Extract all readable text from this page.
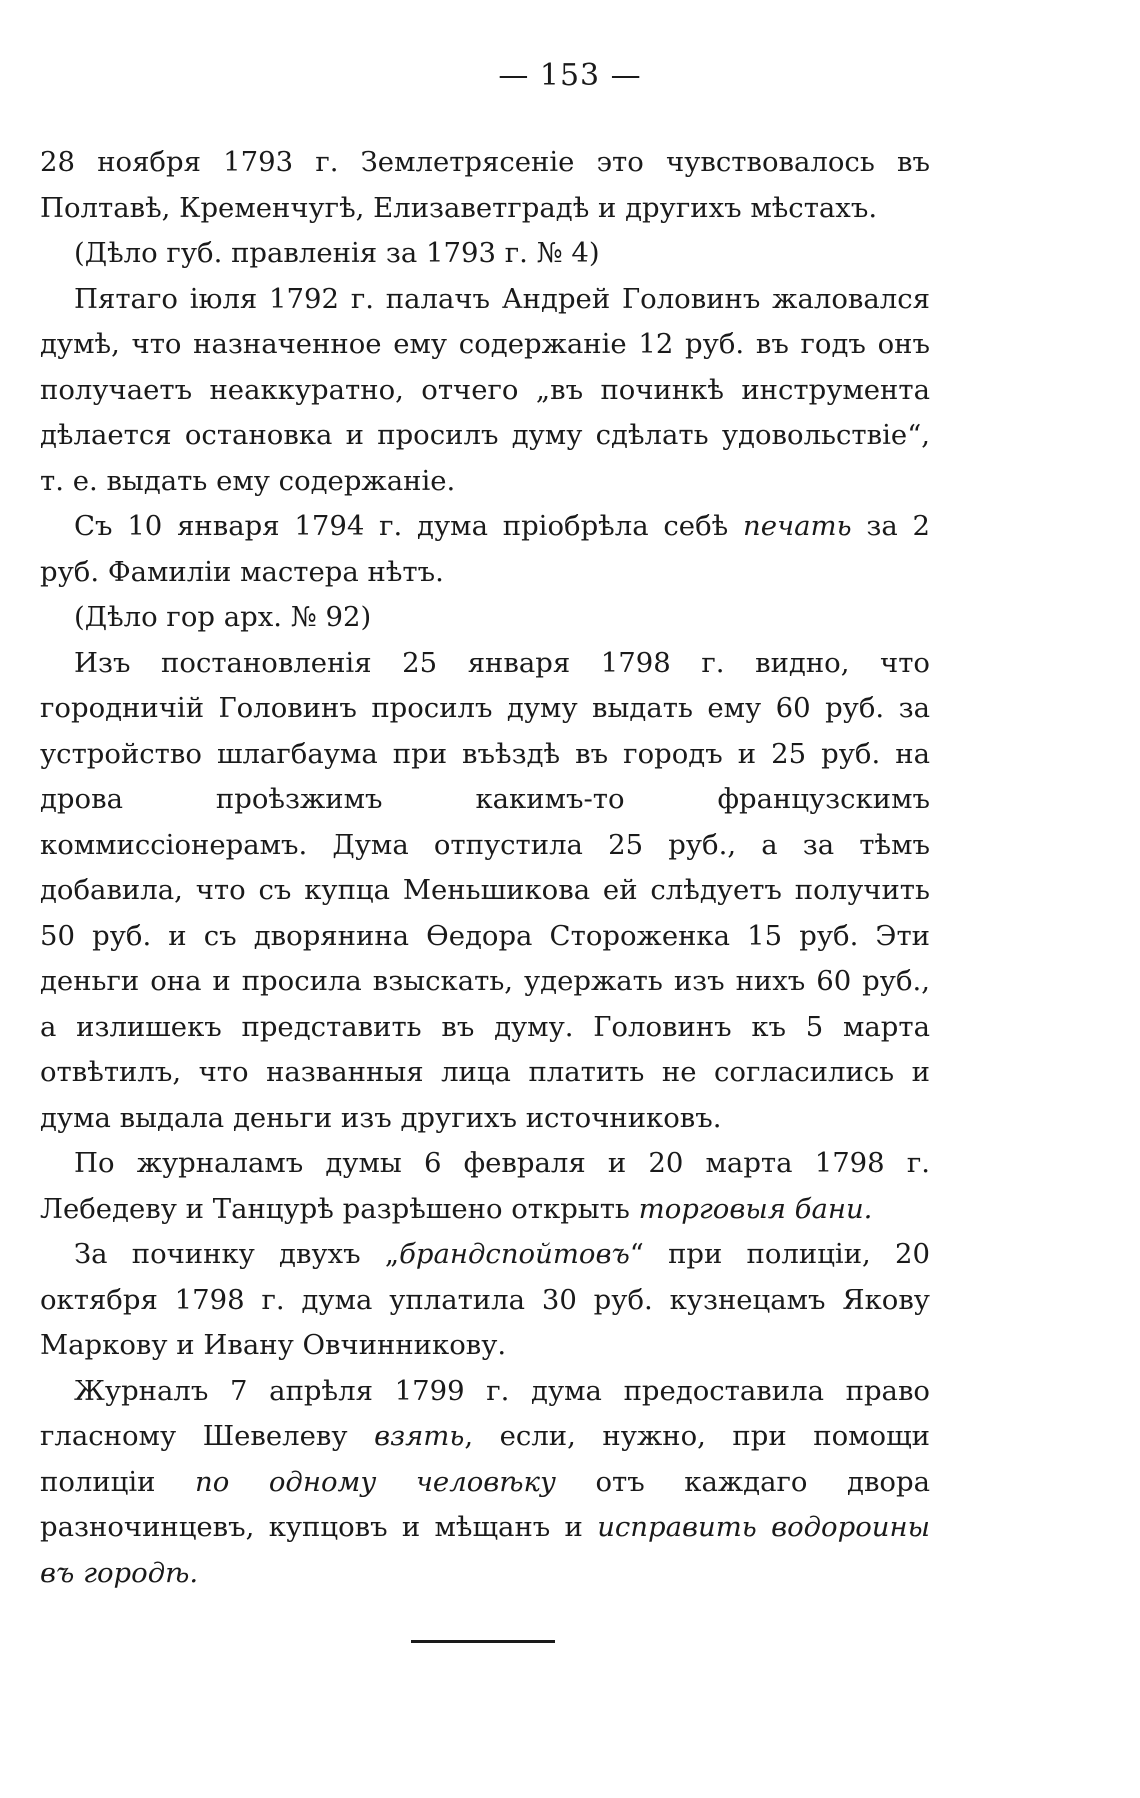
— 153 —

28 ноября 1793 г. Землетрясеніе это чувствовалось въ Полтавѣ, Кременчугѣ, Елизаветградѣ и другихъ мѣстахъ.

(Дѣло губ. правленія за 1793 г. № 4)

Пятаго іюля 1792 г. палачъ Андрей Головинъ жаловался думѣ, что назначенное ему содержаніе 12 руб. въ годъ онъ получаетъ неаккуратно, отчего „въ починкѣ инструмента дѣлается остановка и просилъ думу сдѣлать удовольствіе“, т. е. выдать ему содержаніе.

Съ 10 января 1794 г. дума пріобрѣла себѣ печать за 2 руб. Фамиліи мастера нѣтъ.

(Дѣло гор арх. № 92)

Изъ постановленія 25 января 1798 г. видно, что городничій Головинъ просилъ думу выдать ему 60 руб. за устройство шлагбаума при въѣздѣ въ городъ и 25 руб. на дрова проѣзжимъ какимъ-то французскимъ коммиссіонерамъ. Дума отпустила 25 руб., а за тѣмъ добавила, что съ купца Меньшикова ей слѣдуетъ получить 50 руб. и съ дворянина Өедора Стороженка 15 руб. Эти деньги она и просила взыскать, удержать изъ нихъ 60 руб., а излишекъ представить въ думу. Головинъ къ 5 марта отвѣтилъ, что названныя лица платить не согласились и дума выдала деньги изъ другихъ источниковъ.

По журналамъ думы 6 февраля и 20 марта 1798 г. Лебедеву и Танцурѣ разрѣшено открыть торговыя бани.

За починку двухъ „брандспойтовъ“ при полиціи, 20 октября 1798 г. дума уплатила 30 руб. кузнецамъ Якову Маркову и Ивану Овчинникову.

Журналъ 7 апрѣля 1799 г. дума предоставила право гласному Шевелеву взять, если, нужно, при помощи полиціи по одному человѣку отъ каждаго двора разночинцевъ, купцовъ и мѣщанъ и исправить водороины въ городѣ.
